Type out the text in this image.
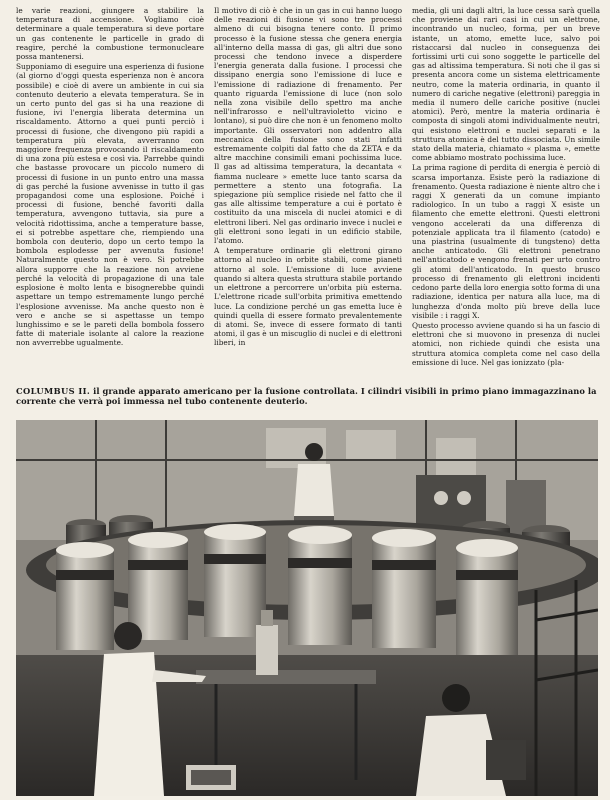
le varie reazioni, giungere a stabilire la temperatura di accensione. Vogliamo cioè determinare a quale temperatura si deve portare un gas contenente le particelle in grado di reagire, perché la combustione termonucleare possa mantenersi.

Supponiamo di eseguire una esperienza di fusione (al giorno d'oggi questa esperienza non è ancora possibile) e cioè di avere un ambiente in cui sia contenuto deuterio a elevata temperatura. Se in un certo punto del gas si ha una reazione di fusione, ivi l'energia liberata determina un riscaldamento. Attorno a quei punti perciò i processi di fusione, che divengono più rapidi a temperatura più elevata, avverranno con maggiore frequenza provocando il riscaldamento di una zona più estesa e così via. Parrebbe quindi che bastasse provocare un piccolo numero di processi di fusione in un punto entro una massa di gas perché la fusione avvenisse in tutto il gas propagandosi come una esplosione. Poiché i processi di fusione, benché favoriti dalla temperatura, avvengono tuttavia, sia pure a velocità ridottissima, anche a temperature basse, ei si potrebbe aspettare che, riempiendo una bombola con deuterio, dopo un certo tempo la bombola esplodesse per avvenuta fusione! Naturalmente questo non è vero. Si potrebbe allora supporre che la reazione non avviene perché la velocità di propagazione di una tale esplosione è molto lenta e bisognerebbe quindi aspettare un tempo estremamente lungo perché l'esplosione avvenisse. Ma anche questo non è vero e anche se si aspettasse un tempo lunghissimo e se le pareti della bombola fossero fatte di materiale isolante al calore la reazione non avverrebbe ugualmente.

Il motivo di ciò è che in un gas in cui hanno luogo delle reazioni di fusione vi sono tre processi almeno di cui bisogna tenere conto. Il primo processo è la fusione stessa che genera energia all'interno della massa di gas, gli altri due sono processi che tendono invece a disperdere l'energia generata dalla fusione. I processi che dissipano energia sono l'emissione di luce e l'emissione di radiazione di frenamento. Per quanto riguarda l'emissione di luce (non solo nella zona visibile dello spettro ma anche nell'infrarosso e nell'ultravioletto vicino e lontano), si può dire che non è un fenomeno molto importante. Gli osservatori non addentro alla meccanica della fusione sono stati infatti estremamente colpiti dal fatto che da ZETA e da altre macchine consimili emani pochissima luce. Il gas ad altissima temperatura, la decantata « fiamma nucleare » emette luce tanto scarsa da permettere a stento una fotografia. La spiegazione più semplice risiede nel fatto che il gas alle altissime temperature a cui è portato è costituito da una miscela di nuclei atomici e di elettroni liberi. Nel gas ordinario invece i nuclei e gli elettroni sono legati in un edificio stabile, l'atomo.

A temperature ordinarie gli elettroni girano attorno al nucleo in orbite stabili, come pianeti attorno al sole. L'emissione di luce avviene quando si altera questa struttura stabile portando un elettrone a percorrere un'orbita più esterna. L'elettrone ricade sull'orbita primitiva emettendo luce. La condizione perché un gas emetta luce è quindi quella di essere formato prevalentemente di atomi. Se, invece di essere formato di tanti atomi, il gas è un miscuglio di nuclei e di elettroni liberi, in

media, gli uni dagli altri, la luce cessa sarà quella che proviene dai rari casi in cui un elettrone, incontrando un nucleo, forma, per un breve istante, un atomo, emette luce, salvo poi ristaccarsi dal nucleo in conseguenza dei fortissimi urti cui sono soggette le particelle del gas ad altissima temperatura. Si noti che il gas si presenta ancora come un sistema elettricamente neutro, come la materia ordinaria, in quanto il numero di cariche negative (elettroni) pareggia in media il numero delle cariche positive (nuclei atomici). Però, mentre la materia ordinaria è composta di singoli atomi individualmente neutri, qui esistono elettroni e nuclei separati e la struttura atomica è del tutto dissociata. Un simile stato della materia, chiamato « plasma », emette come abbiamo mostrato pochissima luce.

La prima ragione di perdita di energia è perciò di scarsa importanza. Esiste però la radiazione di frenamento. Questa radiazione è niente altro che i raggi X generati da un comune impianto radiologico. In un tubo a raggi X esiste un filamento che emette elettroni. Questi elettroni vengono accelerati da una differenza di potenziale applicata tra il filamento (catodo) e una piastrina (usualmente di tungsteno) detta anche anticatodo. Gli elettroni penetrano nell'anticatodo e vengono frenati per urto contro gli atomi dell'anticatodo. In questo brusco processo di frenamento gli elettroni incidenti cedono parte della loro energia sotto forma di una radiazione, identica per natura alla luce, ma di lunghezza d'onda molto più breve della luce visibile : i raggi X.

Questo processo avviene quando si ha un fascio di elettroni che si muovono in presenza di nuclei atomici, non richiede quindi che esista una struttura atomica completa come nel caso della emissione di luce. Nel gas ionizzato (pla-

COLUMBUS II. il grande apparato americano per la fusione controllata. I cilindri visibili in primo piano immagazzinano la corrente che verrà poi immessa nel tubo contenente deuterio.
